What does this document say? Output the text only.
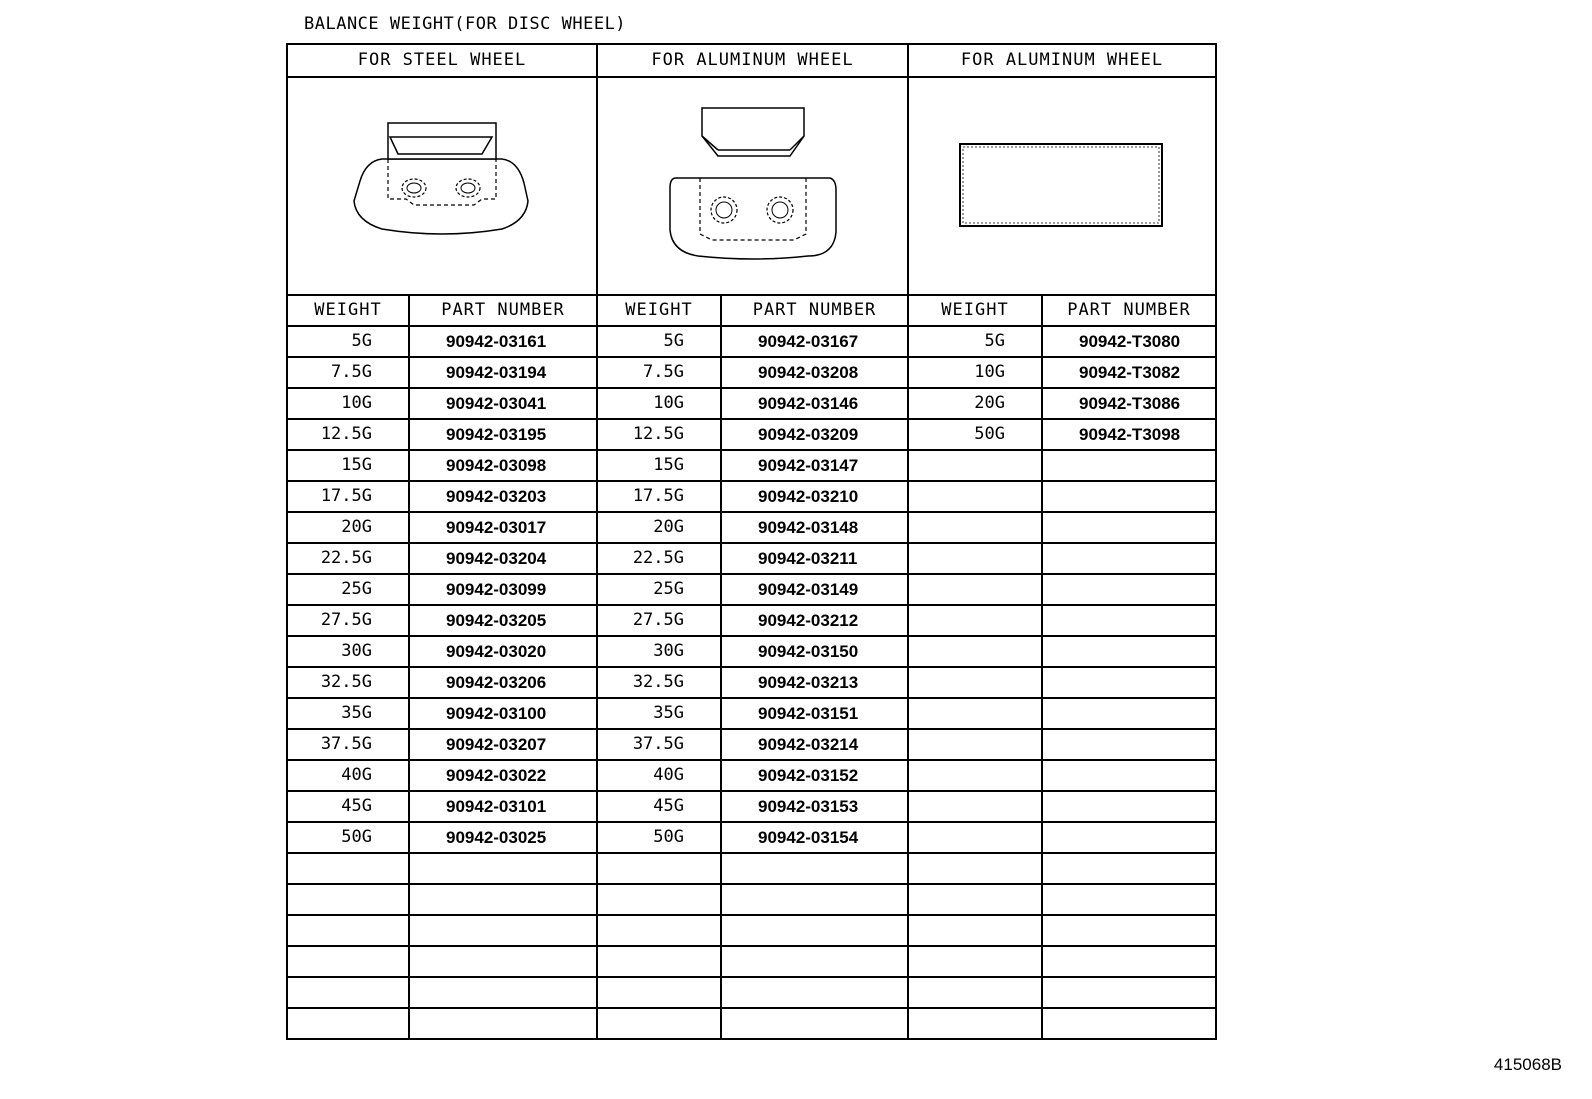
BALANCE WEIGHT(FOR DISC WHEEL)
FOR STEEL WHEEL		FOR ALUMINUM WHEEL		FOR ALUMINUM WHEEL	

WEIGHT	PART NUMBER	WEIGHT	PART NUMBER	WEIGHT	PART NUMBER
5G	90942-03161	5G	90942-03167	5G	90942-T3080
7.5G	90942-03194	7.5G	90942-03208	10G	90942-T3082
10G	90942-03041	10G	90942-03146	20G	90942-T3086
12.5G	90942-03195	12.5G	90942-03209	50G	90942-T3098
15G	90942-03098	15G	90942-03147		
17.5G	90942-03203	17.5G	90942-03210		
20G	90942-03017	20G	90942-03148		
22.5G	90942-03204	22.5G	90942-03211		
25G	90942-03099	25G	90942-03149		
27.5G	90942-03205	27.5G	90942-03212		
30G	90942-03020	30G	90942-03150		
32.5G	90942-03206	32.5G	90942-03213		
35G	90942-03100	35G	90942-03151		
37.5G	90942-03207	37.5G	90942-03214		
40G	90942-03022	40G	90942-03152		
45G	90942-03101	45G	90942-03153		
50G	90942-03025	50G	90942-03154		

415068B
